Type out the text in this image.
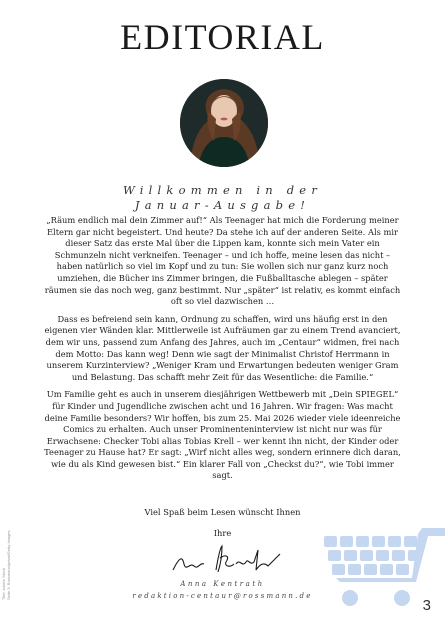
EDITORIAL
Willkommen in der
Januar-Ausgabe!

„Räum endlich mal dein Zimmer auf!“ Als Teenager hat mich die Forderung meiner Eltern gar nicht begeistert. Und heute? Da stehe ich auf der anderen Seite. Als mir dieser Satz das erste Mal über die Lippen kam, konnte sich mein Vater ein Schmunzeln nicht verkneifen. Teenager – und ich hoffe, meine lesen das nicht – haben natürlich so viel im Kopf und zu tun: Sie wollen sich nur ganz kurz noch umziehen, die Bücher ins Zimmer bringen, die Fußballtasche ablegen – später räumen sie das noch weg, ganz bestimmt. Nur „später“ ist relativ, es kommt einfach oft so viel dazwischen …

Dass es befreiend sein kann, Ordnung zu schaffen, wird uns häufig erst in den eigenen vier Wänden klar. Mittlerweile ist Aufräumen gar zu einem Trend avanciert, dem wir uns, passend zum Anfang des Jahres, auch im „Centaur“ widmen, frei nach dem Motto: Das kann weg! Denn wie sagt der Minimalist Christof Herrmann in unserem Kurzinterview? „Weniger Kram und Erwartungen bedeuten weniger Gram und Belastung. Das schafft mehr Zeit für das Wesentliche: die Familie.“

Um Familie geht es auch in unserem diesjährigen Wettbewerb mit „Dein SPIEGEL“ für Kinder und Jugendliche zwischen acht und 16 Jahren. Wir fragen: Was macht deine Familie besonders? Wir hoffen, bis zum 25. Mai 2026 wieder viele ideenreiche Comics zu erhalten. Auch unser Prominenteninterview ist nicht nur was für Erwachsene: Checker Tobi alias Tobias Krell – wer kennt ihn nicht, der Kinder oder Teenager zu Hause hat? Er sagt: „Wirf nicht alles weg, sondern erinnere dich daran, wie du als Kind gewesen bist.“ Ein klarer Fall von „Checkst du?“, wie Tobi immer sagt.

Viel Spaß beim Lesen wünscht Ihnen
Ihre
Anna Kentrath
redaktion-centaur@rossmann.de
Titel: Adobe Stock Seite 3: Rossmann/privat/Getty Images
3
